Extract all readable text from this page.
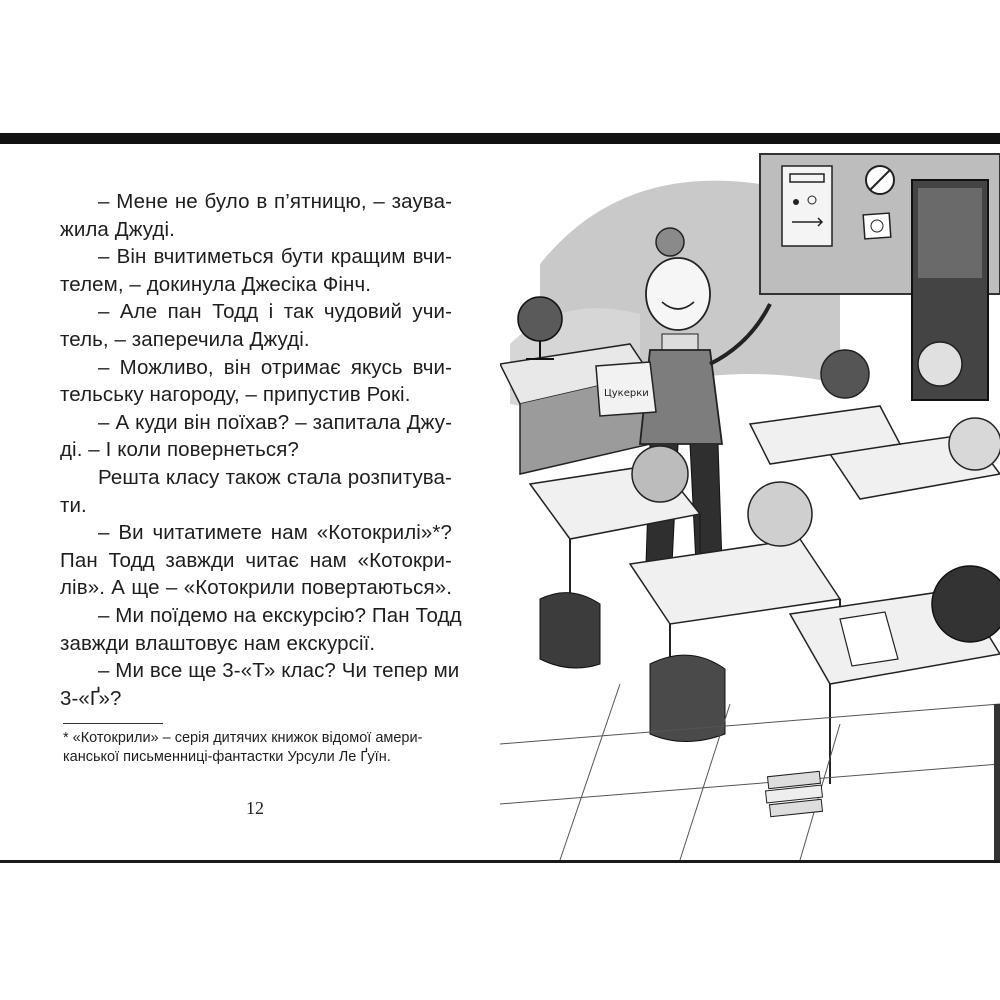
– Мене не було в п’ятницю, – заува-
жила Джуді.
– Він вчитиметься бути кращим вчи-
телем, – докинула Джесіка Фінч.
– Але пан Тодд і так чудовий учи-
тель, – заперечила Джуді.
– Можливо, він отримає якусь вчи-
тельську нагороду, – припустив Рокі.
– А куди він поїхав? – запитала Джу-
ді. – І коли повернеться?
Решта класу також стала розпитува-
ти.
– Ви читатимете нам «Котокрилі»*?
Пан Тодд завжди читає нам «Котокри-
лів». А ще – «Котокрили повертаються».
– Ми поїдемо на екскурсію? Пан Тодд
завжди влаштовує нам екскурсії.
– Ми все ще 3-«Т» клас? Чи тепер ми
3-«Ґ»?
* «Котокрили» – серія дитячих книжок відомої амери-
канської письменниці-фантастки Урсули Ле Ґуїн.
12
Цукерки
